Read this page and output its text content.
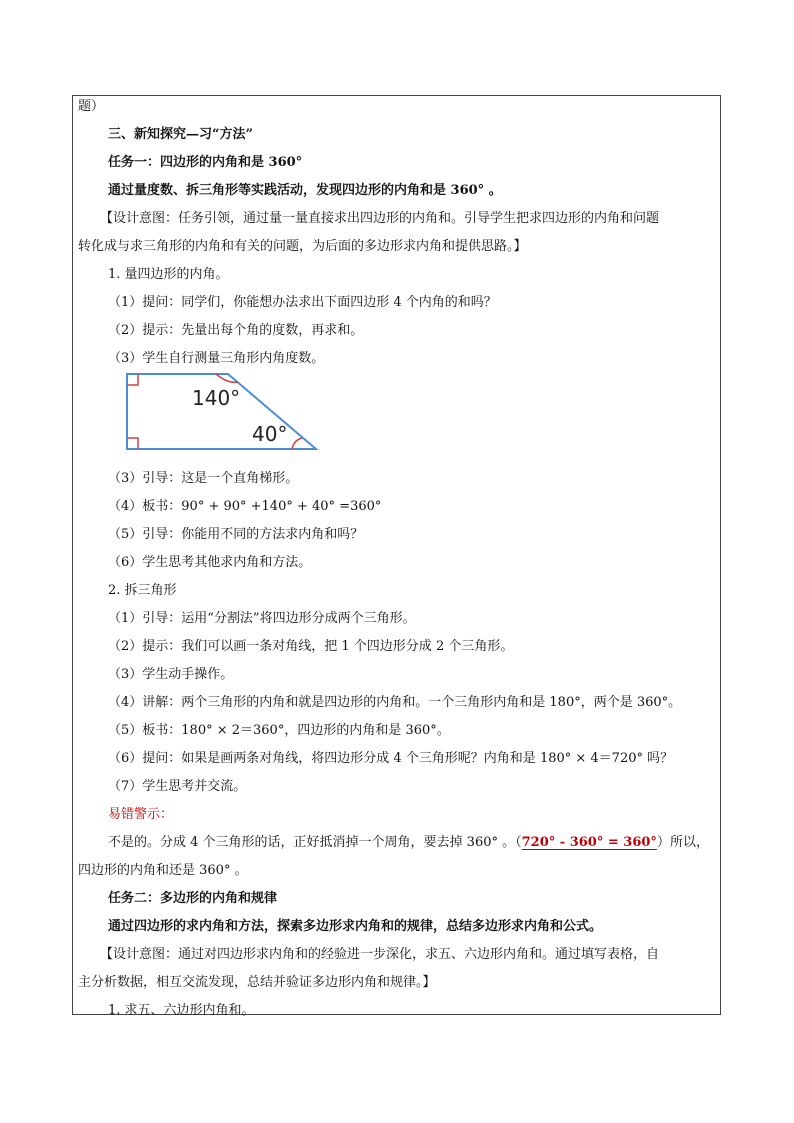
题）
三、新知探究—习“方法”
任务一：四边形的内角和是 360°
通过量度数、拆三角形等实践活动，发现四边形的内角和是 360° 。
【设计意图：任务引领，通过量一量直接求出四边形的内角和。引导学生把求四边形的内角和问题
转化成与求三角形的内角和有关的问题，为后面的多边形求内角和提供思路。】
1. 量四边形的内角。
（1）提问：同学们，你能想办法求出下面四边形 4 个内角的和吗？
（2）提示：先量出每个角的度数，再求和。
（3）学生自行测量三角形内角度数。
140°
40°
（3）引导：这是一个直角梯形。
（4）板书：90° + 90° +140° + 40° =360°
（5）引导：你能用不同的方法求内角和吗？
（6）学生思考其他求内角和方法。
2. 拆三角形
（1）引导：运用“分割法”将四边形分成两个三角形。
（2）提示：我们可以画一条对角线，把 1 个四边形分成 2 个三角形。
（3）学生动手操作。
（4）讲解：两个三角形的内角和就是四边形的内角和。一个三角形内角和是 180°，两个是 360°。
（5）板书：180° × 2＝360°，四边形的内角和是 360°。
（6）提问：如果是画两条对角线，将四边形分成 4 个三角形呢？内角和是 180° × 4＝720° 吗？
（7）学生思考并交流。
易错警示：
不是的。分成 4 个三角形的话，正好抵消掉一个周角，要去掉 360° 。（720° - 360° = 360°）所以，
四边形的内角和还是 360° 。
任务二：多边形的内角和规律
通过四边形的求内角和方法，探索多边形求内角和的规律，总结多边形求内角和公式。
【设计意图：通过对四边形求内角和的经验进一步深化，求五、六边形内角和。通过填写表格，自
主分析数据，相互交流发现，总结并验证多边形内角和规律。】
1. 求五、六边形内角和。
